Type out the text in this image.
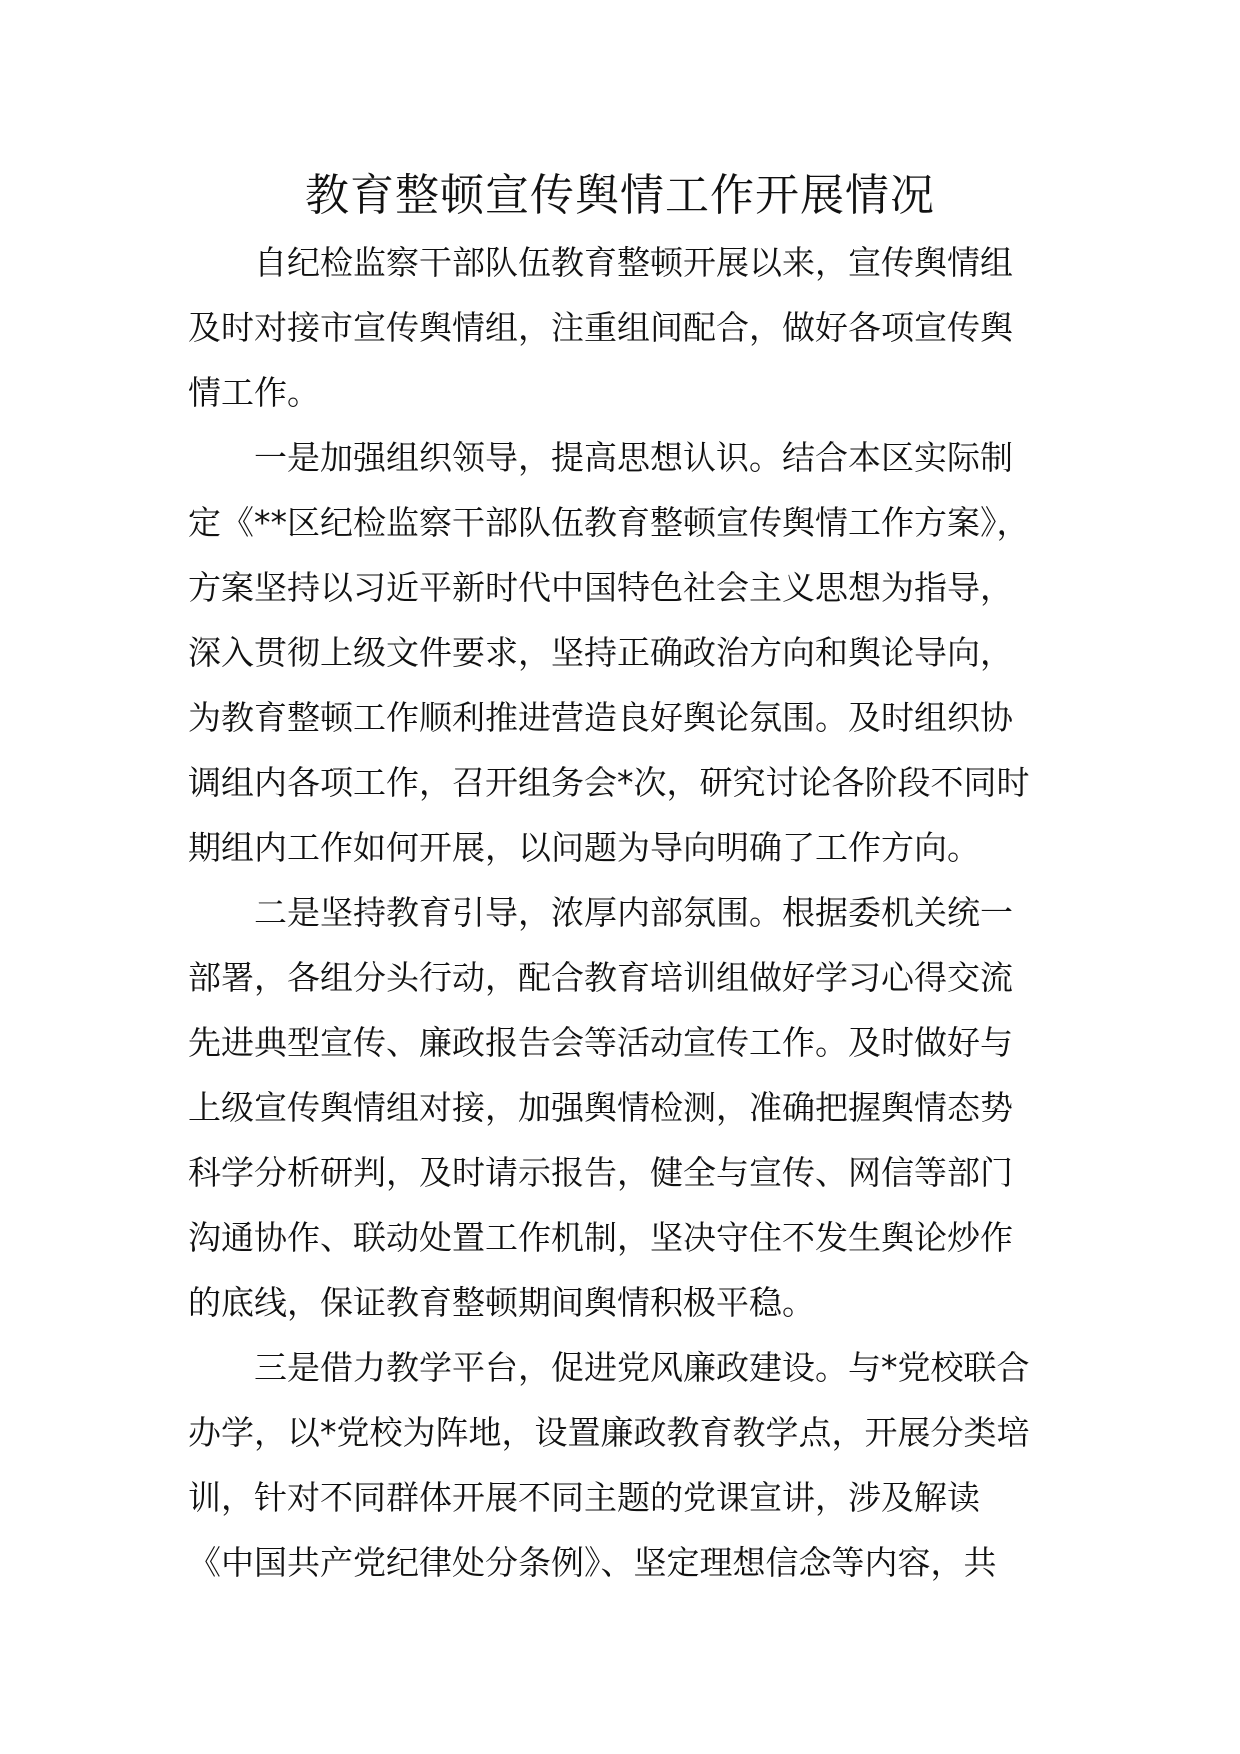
教育整顿宣传舆情工作开展情况
自纪检监察干部队伍教育整顿开展以来，宣传舆情组
及时对接市宣传舆情组，注重组间配合，做好各项宣传舆
情工作。
一是加强组织领导，提高思想认识。结合本区实际制
定《**区纪检监察干部队伍教育整顿宣传舆情工作方案》，
方案坚持以习近平新时代中国特色社会主义思想为指导，
深入贯彻上级文件要求，坚持正确政治方向和舆论导向，
为教育整顿工作顺利推进营造良好舆论氛围。及时组织协
调组内各项工作，召开组务会*次，研究讨论各阶段不同时
期组内工作如何开展，以问题为导向明确了工作方向。
二是坚持教育引导，浓厚内部氛围。根据委机关统一
部署，各组分头行动，配合教育培训组做好学习心得交流
先进典型宣传、廉政报告会等活动宣传工作。及时做好与
上级宣传舆情组对接，加强舆情检测，准确把握舆情态势
科学分析研判，及时请示报告，健全与宣传、网信等部门
沟通协作、联动处置工作机制，坚决守住不发生舆论炒作
的底线，保证教育整顿期间舆情积极平稳。
三是借力教学平台，促进党风廉政建设。与*党校联合
办学，以*党校为阵地，设置廉政教育教学点，开展分类培
训，针对不同群体开展不同主题的党课宣讲，涉及解读
《中国共产党纪律处分条例》、坚定理想信念等内容，共
